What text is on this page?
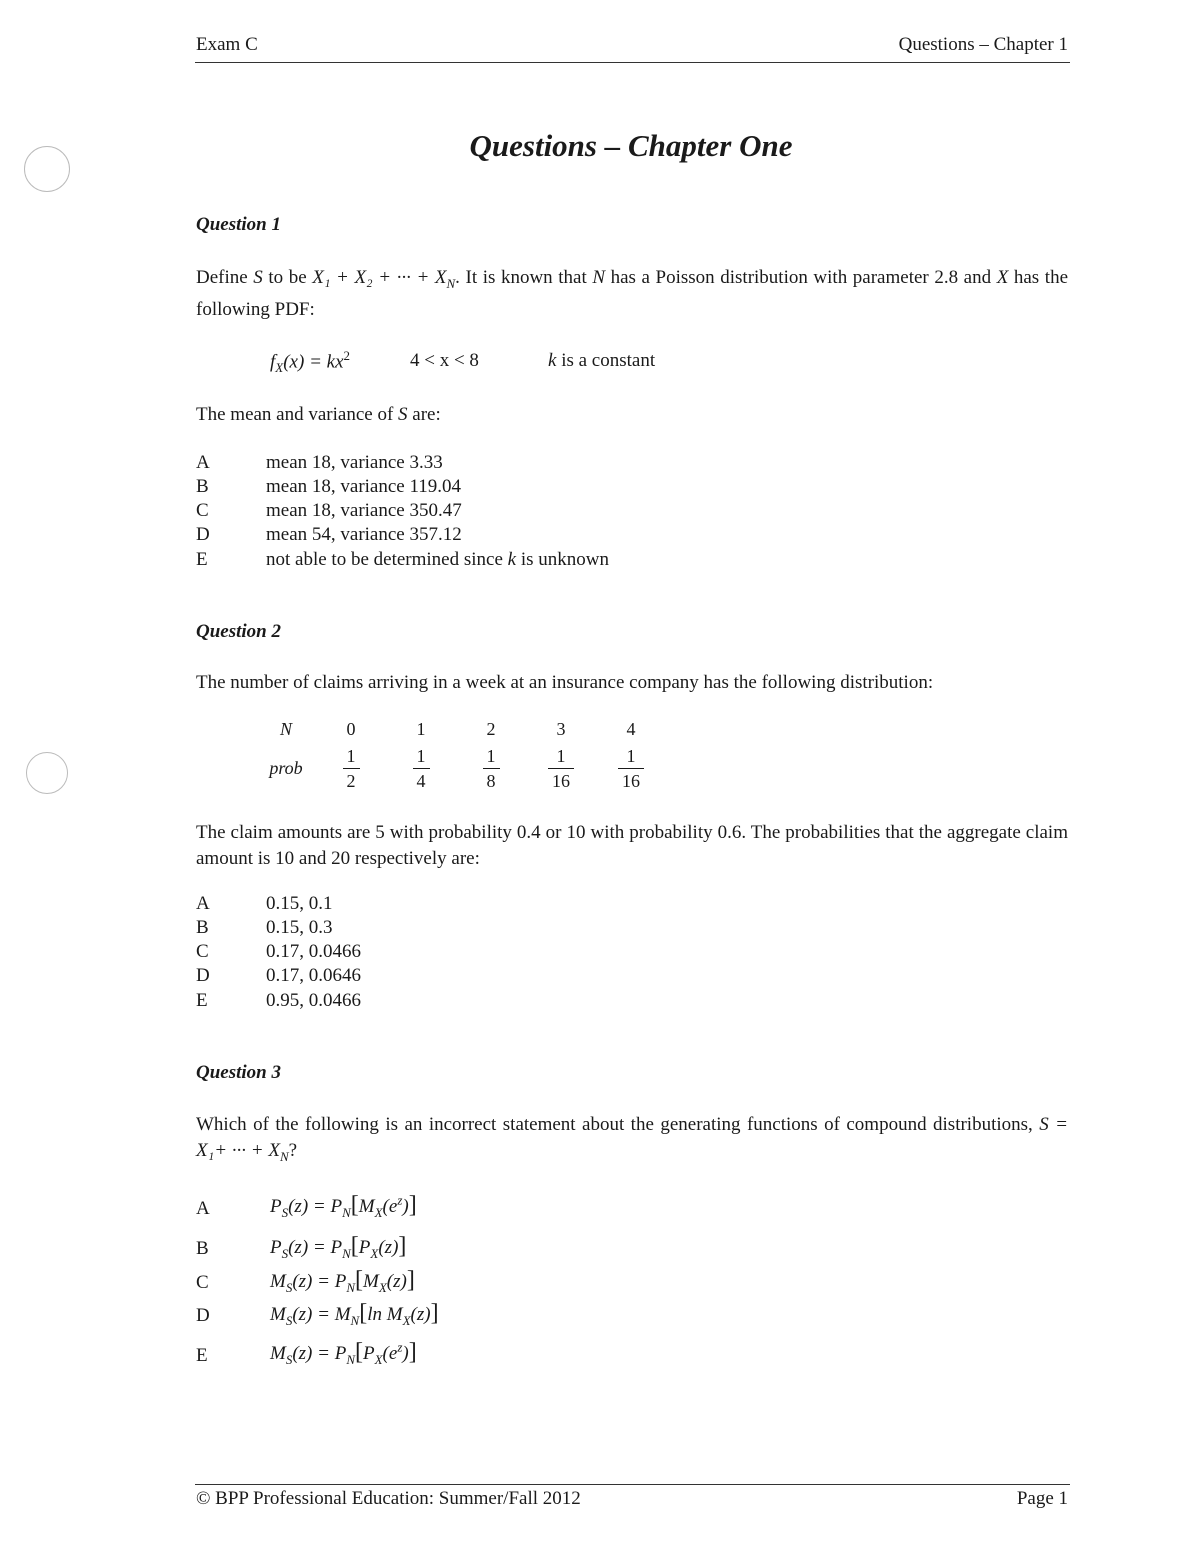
Exam C	Questions – Chapter 1
Questions – Chapter One
Question 1
Define S to be X₁ + X₂ + ··· + $X_N$. It is known that N has a Poisson distribution with parameter 2.8 and X has the following PDF:
$f_X(x) = kx^2$	4 < x < 8	k is a constant
The mean and variance of S are:
A	mean 18, variance 3.33
B	mean 18, variance 119.04
C	mean 18, variance 350.47
D	mean 54, variance 357.12
E	not able to be determined since k is unknown
Question 2
The number of claims arriving in a week at an insurance company has the following distribution:
N	0	1	2	3	4
prob	$\frac{1}{2}$	$\frac{1}{4}$	$\frac{1}{8}$	$\frac{1}{16}$	$\frac{1}{16}$
The claim amounts are 5 with probability 0.4 or 10 with probability 0.6. The probabilities that the aggregate claim amount is 10 and 20 respectively are:
A	0.15, 0.1
B	0.15, 0.3
C	0.17, 0.0466
D	0.17, 0.0646
E	0.95, 0.0466
Question 3
Which of the following is an incorrect statement about the generating functions of compound distributions, S = X₁+ ··· + $X_N$?
A	$P_S(z) = P_N[M_X(e^z)]$
B	$P_S(z) = P_N[P_X(z)]$
C	$M_S(z) = P_N[M_X(z)]$
D	$M_S(z) = M_N[\ln$ $M_X(z)$]
E	$M_S(z) = P_N[P_X(e^z)]$
© BPP Professional Education: Summer/Fall 2012	Page 1
